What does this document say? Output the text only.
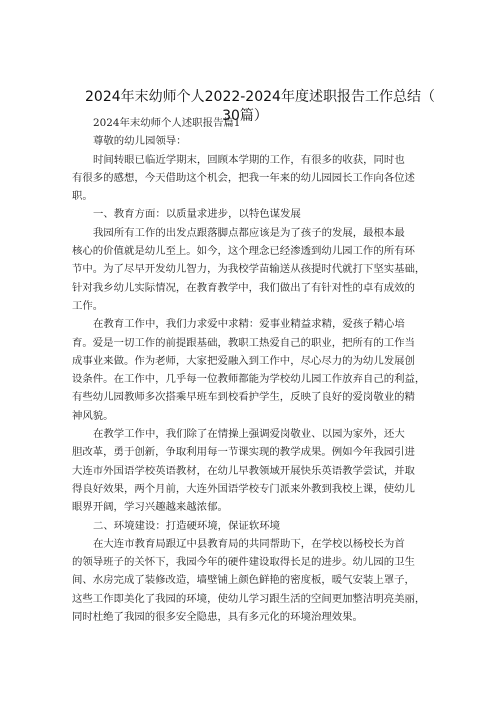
2024年末幼师个人2022-2024年度述职报告工作总结（
30篇）
2024年末幼师个人述职报告篇1
尊敬的幼儿园领导：
时间转眼已临近学期末，回顾本学期的工作，有很多的收获，同时也
有很多的感想，今天借助这个机会，把我一年来的幼儿园园长工作向各位述
职。
一、教育方面：以质量求进步，以特色谋发展
我园所有工作的出发点跟落脚点都应该是为了孩子的发展，最根本最
核心的价值就是幼儿至上。如今，这个理念已经渗透到幼儿园工作的所有环
节中。为了尽早开发幼儿智力，为我校学苗输送从孩提时代就打下坚实基础，
针对我乡幼儿实际情况，在教育教学中，我们做出了有针对性的卓有成效的
工作。
在教育工作中，我们力求爱中求精：爱事业精益求精，爱孩子精心培
育。爱是一切工作的前提跟基础，教职工热爱自己的职业，把所有的工作当
成事业来做。作为老师，大家把爱融入到工作中，尽心尽力的为幼儿发展创
设条件。在工作中，几乎每一位教师都能为学校幼儿园工作放弃自己的利益，
有些幼儿园教师多次搭乘早班车到校看护学生，反映了良好的爱岗敬业的精
神风貌。
在教学工作中，我们除了在情操上强调爱岗敬业、以园为家外，还大
胆改革，勇于创新，争取利用每一节课实现的教学成果。例如今年我园引进
大连市外国语学校英语教材，在幼儿早教领域开展快乐英语教学尝试，并取
得良好效果，两个月前，大连外国语学校专门派来外教到我校上课，使幼儿
眼界开阔，学习兴趣越来越浓郁。
二、环境建设：打造硬环境，保证软环境
在大连市教育局跟辽中县教育局的共同帮助下，在学校以杨校长为首
的领导班子的关怀下，我园今年的硬件建设取得长足的进步。幼儿园的卫生
间、水房完成了装修改造，墙壁铺上颜色鲜艳的密度板，暖气安装上罩子，
这些工作即美化了我园的环境，使幼儿学习跟生活的空间更加整洁明亮美丽，
同时杜绝了我园的很多安全隐患，具有多元化的环境治理效果。
